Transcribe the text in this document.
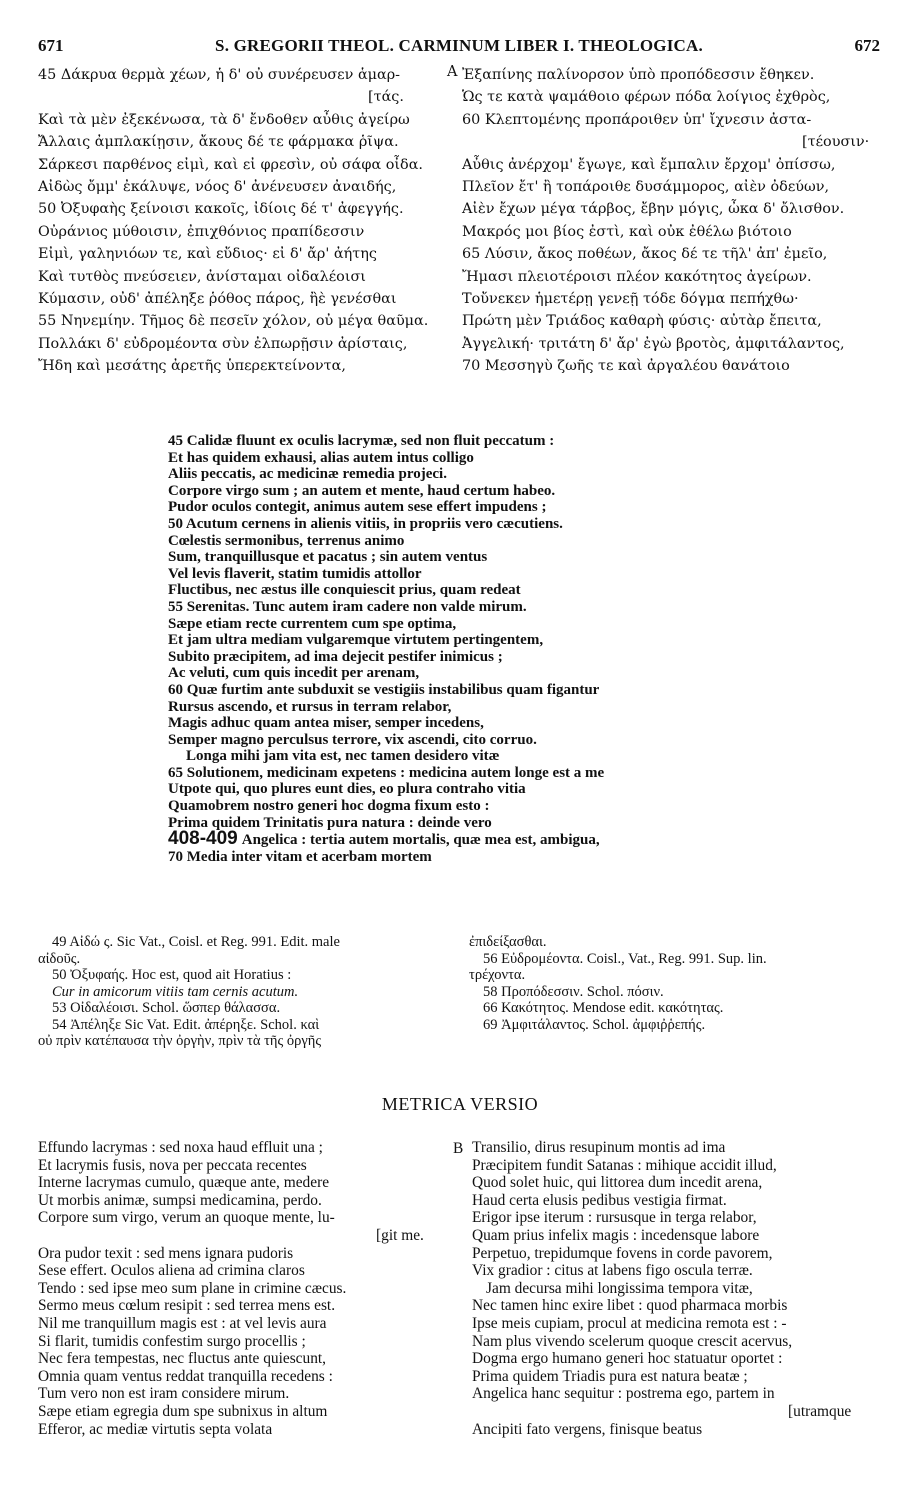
671	S. GREGORII THEOL. CARMINUM LIBER I. THEOLOGICA.	672
A
45 Δάκρυα θερμὰ χέων, ἡ δ' οὐ συνέρευσεν ἁμαρ-
[τάς.
Καὶ τὰ μὲν ἐξεκένωσα, τὰ δ' ἔνδοθεν αὖθις ἀγείρω
Ἄλλαις ἀμπλακίῃσιν, ἄκους δέ τε φάρμακα ῥῖψα.
Σάρκεσι παρθένος εἰμὶ, καὶ εἰ φρεσὶν, οὐ σάφα οἶδα.
Αἰδὼς ὄμμ' ἐκάλυψε, νόος δ' ἀνένευσεν ἀναιδής,
50 Ὀξυφαὴς ξείνοισι κακοῖς, ἰδίοις δέ τ' ἀφεγγής.
Οὐράνιος μύθοισιν, ἐπιχθόνιος πραπίδεσσιν
Εἰμὶ, γαληνιόων τε, καὶ εὔδιος· εἰ δ' ἄρ' ἀήτης
Καὶ τυτθὸς πνεύσειεν, ἀνίσταμαι οἰδαλέοισι
Κύμασιν, οὐδ' ἀπέληξε ῥόθος πάρος, ἢὲ γενέσθαι
55 Νηνεμίην. Τῆμος δὲ πεσεῖν χόλον, οὐ μέγα θαῦμα.
Πολλάκι δ' εὐδρομέοντα σὺν ἐλπωρῇσιν ἀρίσταις,
Ἤδη καὶ μεσάτης ἀρετῆς ὑπερεκτείνοντα,
Ἐξαπίνης παλίνορσον ὑπὸ προπόδεσσιν ἔθηκεν.
Ὡς τε κατὰ ψαμάθοιο φέρων πόδα λοίγιος ἐχθρὸς,
60 Κλεπτομένης προπάροιθεν ὑπ' ἴχνεσιν ἀστα-
[τέουσιν·
Αὖθις ἀνέρχομ' ἔγωγε, καὶ ἔμπαλιν ἔρχομ' ὀπίσσω,
Πλεῖον ἔτ' ἢ τοπάροιθε δυσάμμορος, αἰὲν ὀδεύων,
Αἰὲν ἔχων μέγα τάρβος, ἔβην μόγις, ὦκα δ' ὄλισθον.
Μακρός μοι βίος ἐστὶ, καὶ οὐκ ἐθέλω βιότοιο
65 Λύσιν, ἄκος ποθέων, ἄκος δέ τε τῆλ' ἀπ' ἐμεῖο,
Ἤμασι πλειοτέροισι πλέον κακότητος ἀγείρων.
Τοὔνεκεν ἡμετέρῃ γενεῇ τόδε δόγμα πεπήχθω·
Πρώτη μὲν Τριάδος καθαρὴ φύσις· αὐτὰρ ἔπειτα,
Ἀγγελική· τριτάτη δ' ἄρ' ἐγὼ βροτὸς, ἀμφιτάλαντος,
70 Μεσσηγὺ ζωῆς τε καὶ ἀργαλέου θανάτοιο
45 Calidæ fluunt ex oculis lacrymæ, sed non fluit peccatum :
Et has quidem exhausi, alias autem intus colligo
Aliis peccatis, ac medicinæ remedia projeci.
Corpore virgo sum ; an autem et mente, haud certum habeo.
Pudor oculos contegit, animus autem sese effert impudens ;
50 Acutum cernens in alienis vitiis, in propriis vero cæcutiens.
Cœlestis sermonibus, terrenus animo
Sum, tranquillusque et pacatus ; sin autem ventus
Vel levis flaverit, statim tumidis attollor
Fluctibus, nec æstus ille conquiescit prius, quam redeat
55 Serenitas. Tunc autem iram cadere non valde mirum.
Sæpe etiam recte currentem cum spe optima,
Et jam ultra mediam vulgaremque virtutem pertingentem,
Subito præcipitem, ad ima dejecit pestifer inimicus ;
Ac veluti, cum quis incedit per arenam,
60 Quæ furtim ante subduxit se vestigiis instabilibus quam figantur
Rursus ascendo, et rursus in terram relabor,
Magis adhuc quam antea miser, semper incedens,
Semper magno perculsus terrore, vix ascendi, cito corruo.
Longa mihi jam vita est, nec tamen desidero vitæ
65 Solutionem, medicinam expetens : medicina autem longe est a me
Utpote qui, quo plures eunt dies, eo plura contraho vitia
Quamobrem nostro generi hoc dogma fixum esto :
Prima quidem Trinitatis pura natura : deinde vero
408-409 Angelica : tertia autem mortalis, quæ mea est, ambigua,
70 Media inter vitam et acerbam mortem
49 Αἰδώ ς. Sic Vat., Coisl. et Reg. 991. Edit. male
αἰδοῦς.
50 Ὀξυφαής. Hoc est, quod ait Horatius :
Cur in amicorum vitiis tam cernis acutum.
53 Οἰδαλέοισι. Schol. ὥσπερ θάλασσα.
54 Ἀπέληξε Sic Vat. Edit. ἀπέρηξε. Schol. καὶ
οὐ πρὶν κατέπαυσα τὴν ὀργὴν, πρὶν τὰ τῆς ὀργῆς
ἐπιδείξασθαι.
56 Εὐδρομέοντα. Coisl., Vat., Reg. 991. Sup. lin.
τρέχοντα.
58 Προπόδεσσιν. Schol. πόσιν.
66 Κακότητος. Mendose edit. κακότητας.
69 Ἀμφιτάλαντος. Schol. ἀμφιῤῥεπής.
METRICA VERSIO
B
Effundo lacrymas : sed noxa haud effluit una ;
Et lacrymis fusis, nova per peccata recentes
Interne lacrymas cumulo, quæque ante, medere
Ut morbis animæ, sumpsi medicamina, perdo.
Corpore sum virgo, verum an quoque mente, lu-
[git me.
Ora pudor texit : sed mens ignara pudoris
Sese effert. Oculos aliena ad crimina claros
Tendo : sed ipse meo sum plane in crimine cæcus.
Sermo meus cœlum resipit : sed terrea mens est.
Nil me tranquillum magis est : at vel levis aura
Si flarit, tumidis confestim surgo procellis ;
Nec fera tempestas, nec fluctus ante quiescunt,
Omnia quam ventus reddat tranquilla recedens :
Tum vero non est iram considere mirum.
Sæpe etiam egregia dum spe subnixus in altum
Efferor, ac mediæ virtutis septa volata
Transilio, dirus resupinum montis ad ima
Præcipitem fundit Satanas : mihique accidit illud,
Quod solet huic, qui littorea dum incedit arena,
Haud certa elusis pedibus vestigia firmat.
Erigor ipse iterum : rursusque in terga relabor,
Quam prius infelix magis : incedensque labore
Perpetuo, trepidumque fovens in corde pavorem,
Vix gradior : citus at labens figo oscula terræ.
Jam decursa mihi longissima tempora vitæ,
Nec tamen hinc exire libet : quod pharmaca morbis
Ipse meis cupiam, procul at medicina remota est : -
Nam plus vivendo scelerum quoque crescit acervus,
Dogma ergo humano generi hoc statuatur oportet :
Prima quidem Triadis pura est natura beatæ ;
Angelica hanc sequitur : postrema ego, partem in
[utramque
Ancipiti fato vergens, finisque beatus
